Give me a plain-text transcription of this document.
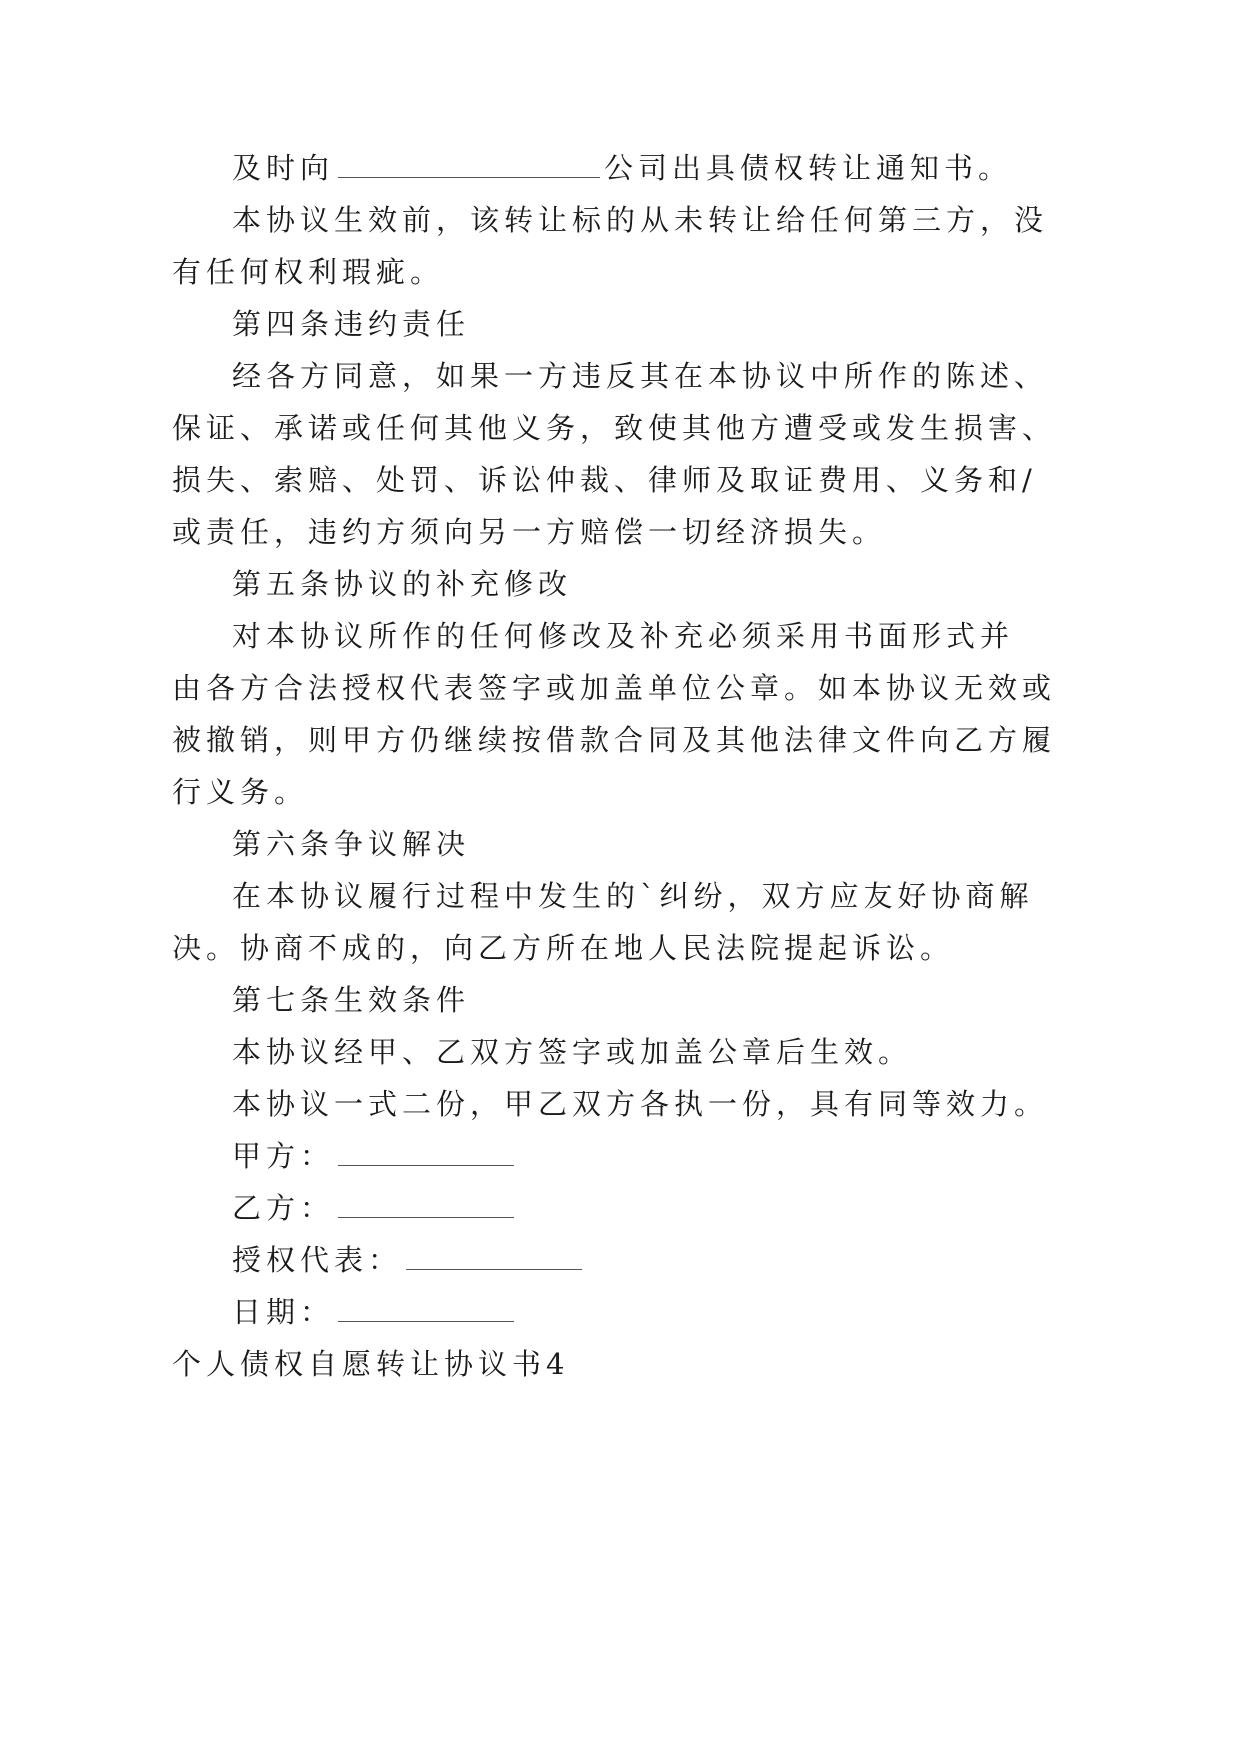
及时向	公司出具债权转让通知书。
本协议生效前，该转让标的从未转让给任何第三方，没
有任何权利瑕疵。
第四条违约责任
经各方同意，如果一方违反其在本协议中所作的陈述、
保证、承诺或任何其他义务，致使其他方遭受或发生损害、
损失、索赔、处罚、诉讼仲裁、律师及取证费用、义务和/
或责任，违约方须向另一方赔偿一切经济损失。
第五条协议的补充修改
对本协议所作的任何修改及补充必须采用书面形式并
由各方合法授权代表签字或加盖单位公章。如本协议无效或
被撤销，则甲方仍继续按借款合同及其他法律文件向乙方履
行义务。
第六条争议解决
在本协议履行过程中发生的`纠纷，双方应友好协商解
决。协商不成的，向乙方所在地人民法院提起诉讼。
第七条生效条件
本协议经甲、乙双方签字或加盖公章后生效。
本协议一式二份，甲乙双方各执一份，具有同等效力。
甲方：
乙方：
授权代表：
日期：
个人债权自愿转让协议书4
